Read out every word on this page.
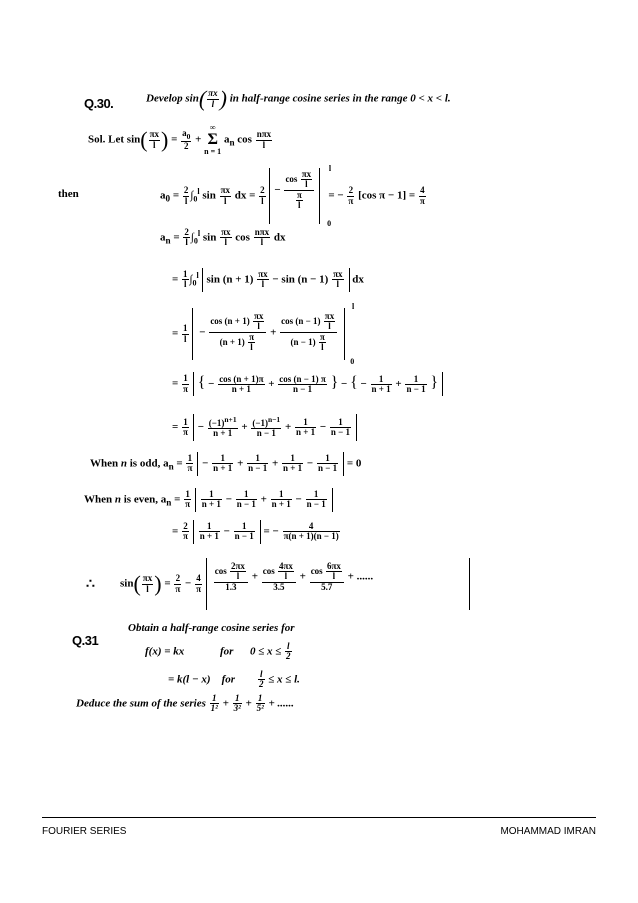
Q.30.	Develop $\sin( \frac{\pi x}{l}$ ) in half-range cosine series in the range 0 < x < l.
Sol. Let $\sin( \frac{\pi x}{l}$ ) = $\frac{a_0}{2}$ +
∞
Σ
n = 1
$a_n$ $\cos \frac{\text{nπx}}{l}$
then	$a_0 = \frac{2}{l} \int_0^l$ $\sin \frac{\pi x}{l}$ dx = $\frac{2}{l} - \frac{\cos \frac{\pi x}{l}}{\frac{\pi}{l}}$
l
0
= − $\frac{2}{\pi} [\cos$ $\pi - 1] = \frac{4}{\pi}$
$a_n = \frac{2}{l} \int_0^l$ $\sin \frac{\pi x}{l}$ $\cos \frac{\text{nπx}}{l}$ dx
= $\frac{1}{l} \int_0^l$ $\sin (n + 1) \frac{\pi x}{l} - \sin (n - 1) \frac{\pi x}{l}$ dx
= $\frac{1}{l} - \frac{\cos (n + 1) \frac{\pi x}{l}}{(n + 1) \frac{\pi}{l}} + \frac{\cos (n - 1) \frac{\pi x}{l}}{(n - 1) \frac{\pi}{l}}$
l
0
= $\frac{1}{\pi}$ { − $\frac{\cos (n + 1)\pi}{n + 1} + \frac{\cos (n - 1) \pi}{n - 1}$ } − { − $\frac{1}{n + 1} + \frac{1}{n - 1}$ }
= $\frac{1}{\pi} - \frac{(-1)^{n+1}}{n + 1} + \frac{(-1)^{n-1}}{n - 1} + \frac{1}{n + 1} - \frac{1}{n - 1}$
When n is odd, $a_n = \frac{1}{\pi} - \frac{1}{n + 1} + \frac{1}{n - 1} + \frac{1}{n + 1} - \frac{1}{n - 1} = 0$
When n is even, $a_n = \frac{1}{\pi}$
$\frac{1}{n + 1} - \frac{1}{n - 1} + \frac{1}{n + 1} - \frac{1}{n - 1}$
= $\frac{2}{\pi}$
$\frac{1}{n + 1} - \frac{1}{n - 1}$ = − $\frac{4}{\pi(n + 1)(n - 1)}$
∴ $\sin( \frac{\pi x}{l}$ ) = $\frac{2}{\pi} - \frac{4}{\pi}$
$\frac{\cos \frac{2\pi x}{l}}{1.3} + \frac{\cos \frac{4\pi x}{l}}{3.5} + \frac{\cos \frac{6\pi x}{l}}{5.7}$ + ......
Q.31
Obtain a half-range cosine series for
f(x) = kx             for      $0 \le x \le \frac{l}{2}$
= k(l − x)    for $\frac{l}{2} \le x \le l$.
Deduce the sum of the series $\frac{1}{\text{1²}} + \frac{1}{\text{3²}} + \frac{1}{\text{5²}}$ + ......
FOURIER SERIES	MOHAMMAD IMRAN
